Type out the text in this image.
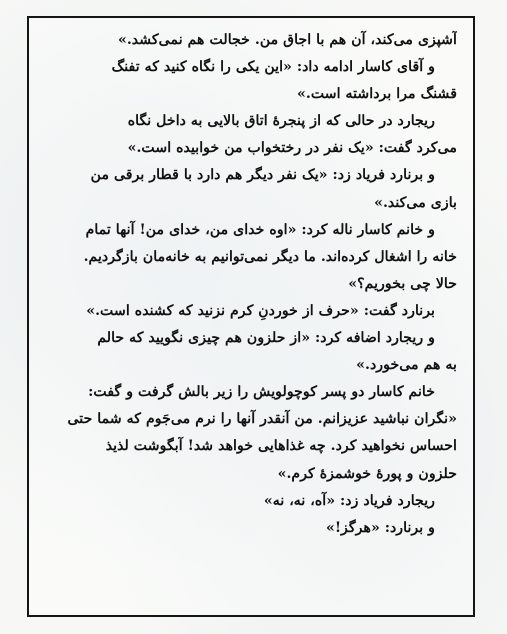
آشپزی می‌کند، آن هم با اجاق من. خجالت هم نمی‌کشد.»
و آقای کاسار ادامه داد: «این یکی را نگاه کنید که تفنگ
قشنگ مرا برداشته است.»
ریجارد در حالی که از پنجرهٔ اتاق بالایی به داخل نگاه
می‌کرد گفت: «یک نفر در رختخواب من خوابیده است.»
و برنارد فریاد زد: «یک نفر دیگر هم دارد با قطار برقی من
بازی می‌کند.»
و خانم کاسار ناله کرد: «اوه خدای من، خدای من! آنها تمام
خانه را اشغال کرده‌اند. ما دیگر نمی‌توانیم به خانه‌مان بازگردیم.
حالا چی بخوریم؟»
برنارد گفت: «حرف از خوردنِ کرم نزنید که کشنده است.»
و ریجارد اضافه کرد: «از حلزون هم چیزی نگویید که حالم
به هم می‌خورد.»
خانم کاسار دو پسر کوچولویش را زیر بالش گرفت و گفت:
«نگران نباشید عزیزانم. من آنقدر آنها را نرم می‌جَوم که شما حتی
احساس نخواهید کرد. چه غذاهایی خواهد شد! آبگوشت لذیذ
حلزون و پورهٔ خوشمزهٔ کرم.»
ریجارد فریاد زد: «آه، نه، نه»
و برنارد: «هرگز!»
